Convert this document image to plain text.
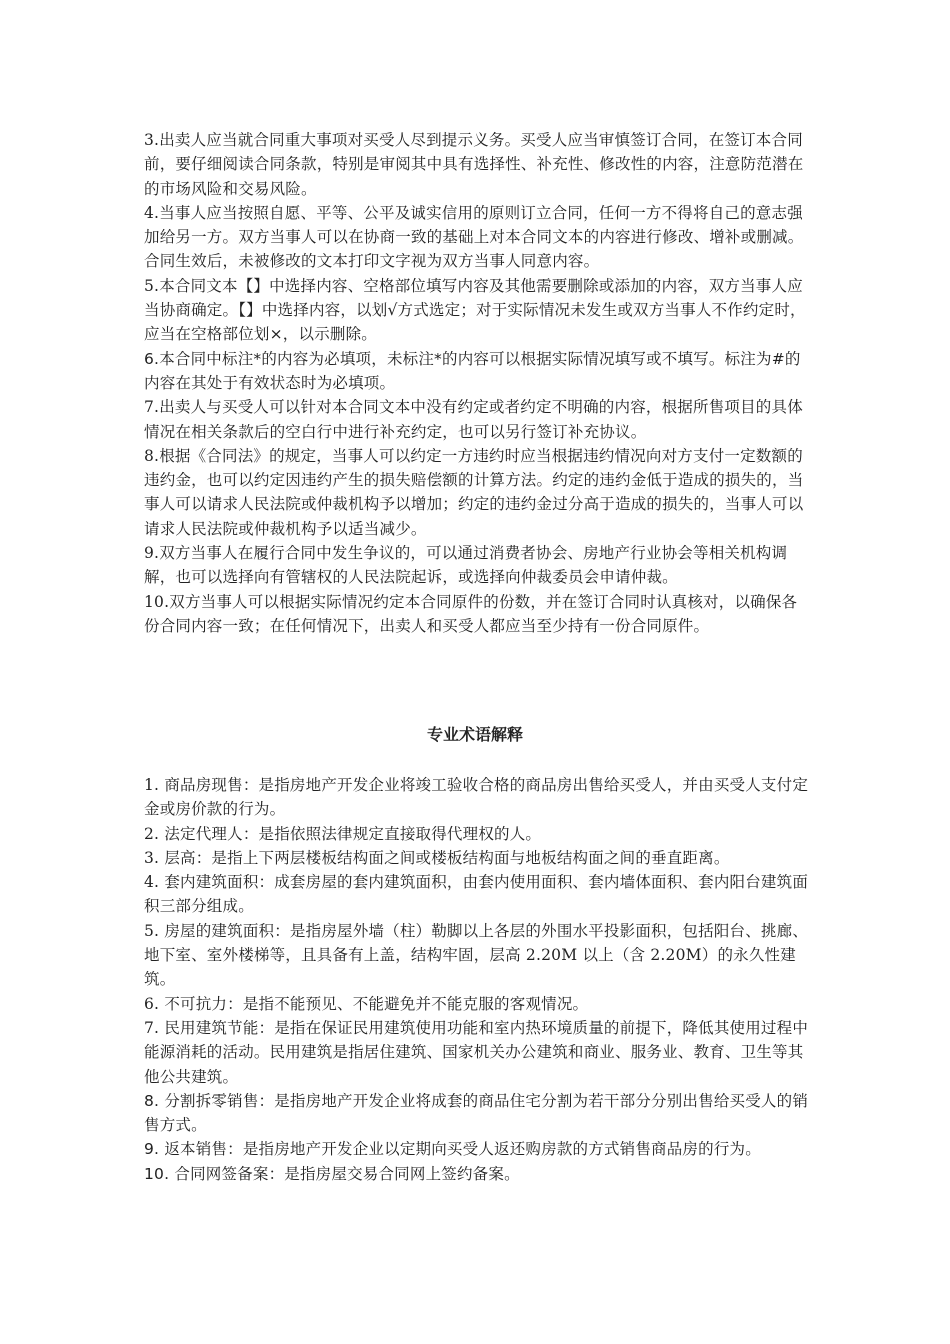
3.出卖人应当就合同重大事项对买受人尽到提示义务。买受人应当审慎签订合同，在签订本合同前，要仔细阅读合同条款，特别是审阅其中具有选择性、补充性、修改性的内容，注意防范潜在的市场风险和交易风险。

4.当事人应当按照自愿、平等、公平及诚实信用的原则订立合同，任何一方不得将自己的意志强加给另一方。双方当事人可以在协商一致的基础上对本合同文本的内容进行修改、增补或删减。合同生效后，未被修改的文本打印文字视为双方当事人同意内容。

5.本合同文本【】中选择内容、空格部位填写内容及其他需要删除或添加的内容，双方当事人应当协商确定。【】中选择内容，以划√方式选定；对于实际情况未发生或双方当事人不作约定时，应当在空格部位划×，以示删除。

6.本合同中标注*的内容为必填项，未标注*的内容可以根据实际情况填写或不填写。标注为#的内容在其处于有效状态时为必填项。

7.出卖人与买受人可以针对本合同文本中没有约定或者约定不明确的内容，根据所售项目的具体情况在相关条款后的空白行中进行补充约定，也可以另行签订补充协议。

8.根据《合同法》的规定，当事人可以约定一方违约时应当根据违约情况向对方支付一定数额的违约金，也可以约定因违约产生的损失赔偿额的计算方法。约定的违约金低于造成的损失的，当事人可以请求人民法院或仲裁机构予以增加；约定的违约金过分高于造成的损失的，当事人可以请求人民法院或仲裁机构予以适当减少。

9.双方当事人在履行合同中发生争议的，可以通过消费者协会、房地产行业协会等相关机构调解，也可以选择向有管辖权的人民法院起诉，或选择向仲裁委员会申请仲裁。

10.双方当事人可以根据实际情况约定本合同原件的份数，并在签订合同时认真核对，以确保各份合同内容一致；在任何情况下，出卖人和买受人都应当至少持有一份合同原件。

专业术语解释

1. 商品房现售：是指房地产开发企业将竣工验收合格的商品房出售给买受人，并由买受人支付定金或房价款的行为。

2. 法定代理人：是指依照法律规定直接取得代理权的人。

3. 层高：是指上下两层楼板结构面之间或楼板结构面与地板结构面之间的垂直距离。

4. 套内建筑面积：成套房屋的套内建筑面积，由套内使用面积、套内墙体面积、套内阳台建筑面积三部分组成。

5. 房屋的建筑面积：是指房屋外墙（柱）勒脚以上各层的外围水平投影面积，包括阳台、挑廊、地下室、室外楼梯等，且具备有上盖，结构牢固，层高 2.20M 以上（含 2.20M）的永久性建筑。

6. 不可抗力：是指不能预见、不能避免并不能克服的客观情况。

7. 民用建筑节能：是指在保证民用建筑使用功能和室内热环境质量的前提下，降低其使用过程中能源消耗的活动。民用建筑是指居住建筑、国家机关办公建筑和商业、服务业、教育、卫生等其他公共建筑。

8. 分割拆零销售：是指房地产开发企业将成套的商品住宅分割为若干部分分别出售给买受人的销售方式。

9. 返本销售：是指房地产开发企业以定期向买受人返还购房款的方式销售商品房的行为。

10. 合同网签备案：是指房屋交易合同网上签约备案。
